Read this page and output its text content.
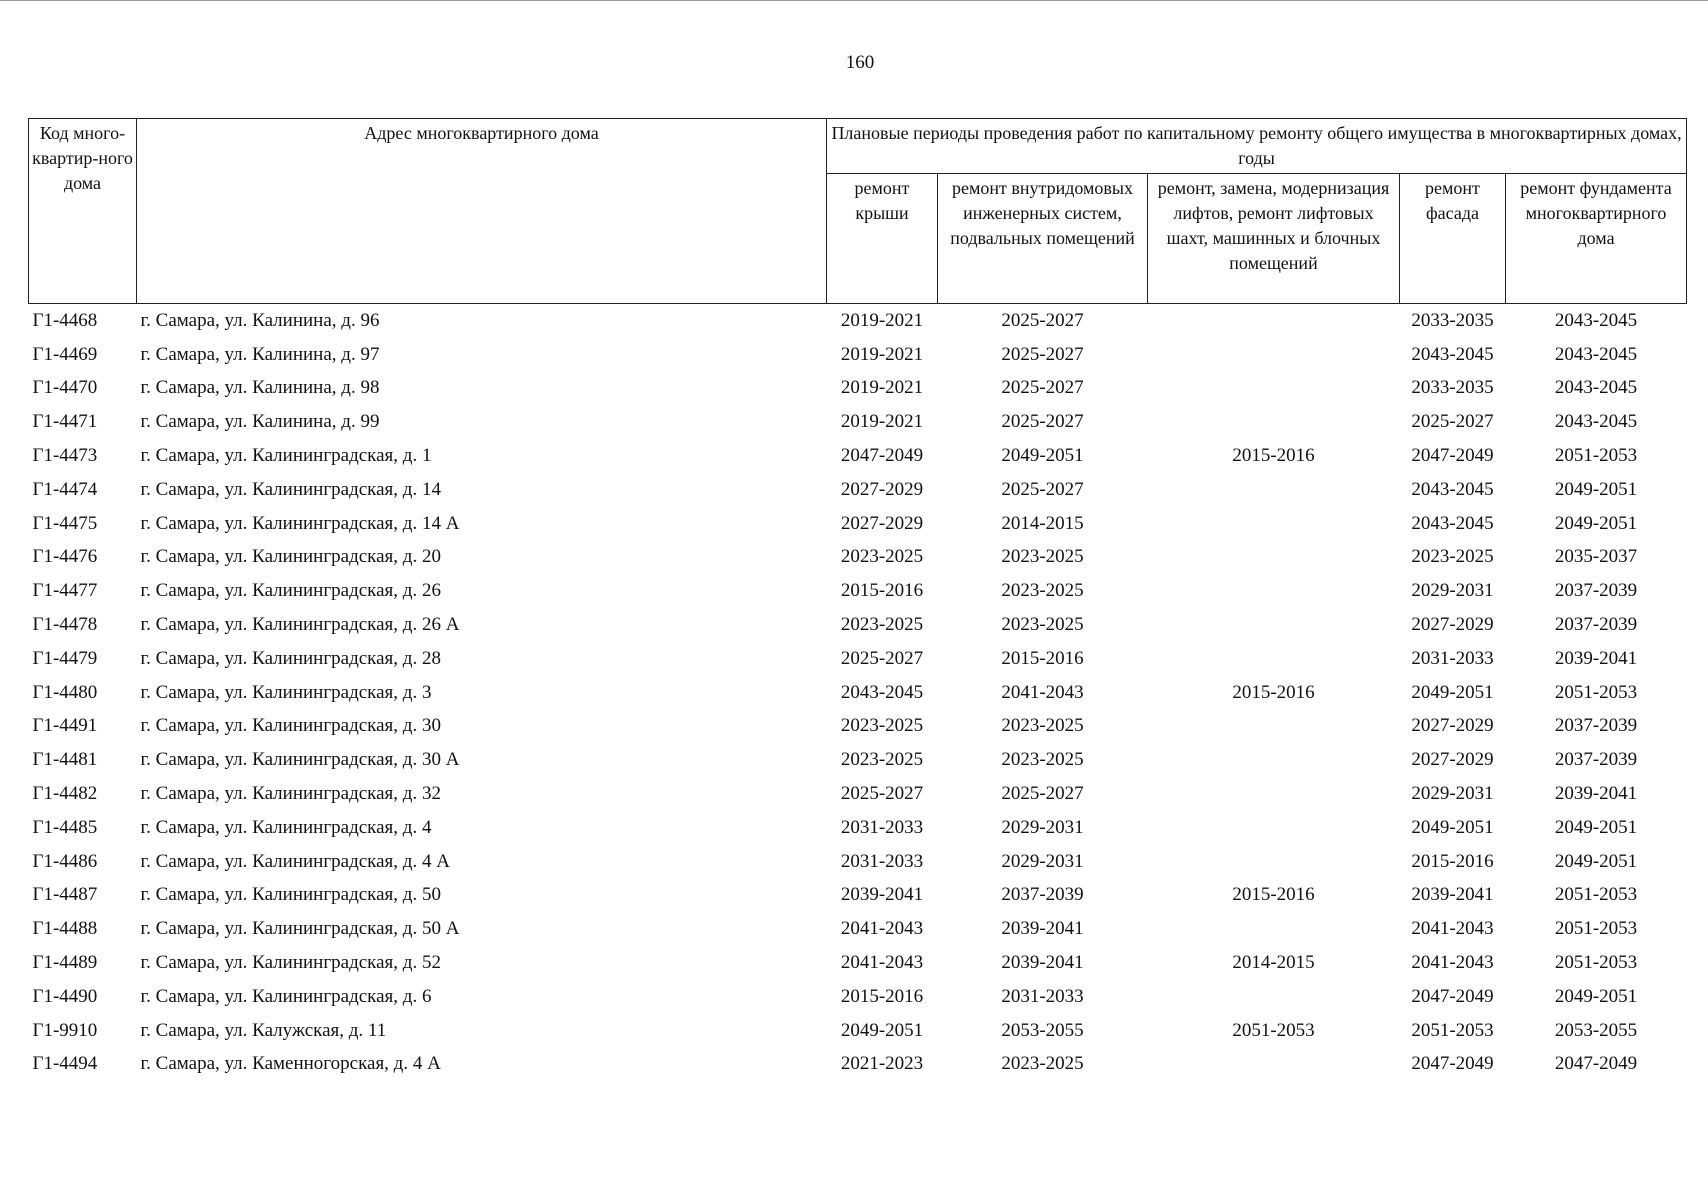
160
Код много-квартир-ного дома	Адрес многоквартирного дома	Плановые периоды проведения работ по капитальному ремонту общего имущества в многоквартирных домах, годы				
		ремонт крыши	ремонт внутридомовых инженерных систем, подвальных помещений	ремонт, замена, модернизация лифтов, ремонт лифтовых шахт, машинных и блочных помещений	ремонт фасада	ремонт фундамента многоквартирного дома
Г1-4468	г. Самара, ул. Калинина, д. 96	2019-2021	2025-2027		2033-2035	2043-2045
Г1-4469	г. Самара, ул. Калинина, д. 97	2019-2021	2025-2027		2043-2045	2043-2045
Г1-4470	г. Самара, ул. Калинина, д. 98	2019-2021	2025-2027		2033-2035	2043-2045
Г1-4471	г. Самара, ул. Калинина, д. 99	2019-2021	2025-2027		2025-2027	2043-2045
Г1-4473	г. Самара, ул. Калининградская, д. 1	2047-2049	2049-2051	2015-2016	2047-2049	2051-2053
Г1-4474	г. Самара, ул. Калининградская, д. 14	2027-2029	2025-2027		2043-2045	2049-2051
Г1-4475	г. Самара, ул. Калининградская, д. 14 А	2027-2029	2014-2015		2043-2045	2049-2051
Г1-4476	г. Самара, ул. Калининградская, д. 20	2023-2025	2023-2025		2023-2025	2035-2037
Г1-4477	г. Самара, ул. Калининградская, д. 26	2015-2016	2023-2025		2029-2031	2037-2039
Г1-4478	г. Самара, ул. Калининградская, д. 26 А	2023-2025	2023-2025		2027-2029	2037-2039
Г1-4479	г. Самара, ул. Калининградская, д. 28	2025-2027	2015-2016		2031-2033	2039-2041
Г1-4480	г. Самара, ул. Калининградская, д. 3	2043-2045	2041-2043	2015-2016	2049-2051	2051-2053
Г1-4491	г. Самара, ул. Калининградская, д. 30	2023-2025	2023-2025		2027-2029	2037-2039
Г1-4481	г. Самара, ул. Калининградская, д. 30 А	2023-2025	2023-2025		2027-2029	2037-2039
Г1-4482	г. Самара, ул. Калининградская, д. 32	2025-2027	2025-2027		2029-2031	2039-2041
Г1-4485	г. Самара, ул. Калининградская, д. 4	2031-2033	2029-2031		2049-2051	2049-2051
Г1-4486	г. Самара, ул. Калининградская, д. 4 А	2031-2033	2029-2031		2015-2016	2049-2051
Г1-4487	г. Самара, ул. Калининградская, д. 50	2039-2041	2037-2039	2015-2016	2039-2041	2051-2053
Г1-4488	г. Самара, ул. Калининградская, д. 50 А	2041-2043	2039-2041		2041-2043	2051-2053
Г1-4489	г. Самара, ул. Калининградская, д. 52	2041-2043	2039-2041	2014-2015	2041-2043	2051-2053
Г1-4490	г. Самара, ул. Калининградская, д. 6	2015-2016	2031-2033		2047-2049	2049-2051
Г1-9910	г. Самара, ул. Калужская, д. 11	2049-2051	2053-2055	2051-2053	2051-2053	2053-2055
Г1-4494	г. Самара, ул. Каменногорская, д. 4 А	2021-2023	2023-2025		2047-2049	2047-2049
